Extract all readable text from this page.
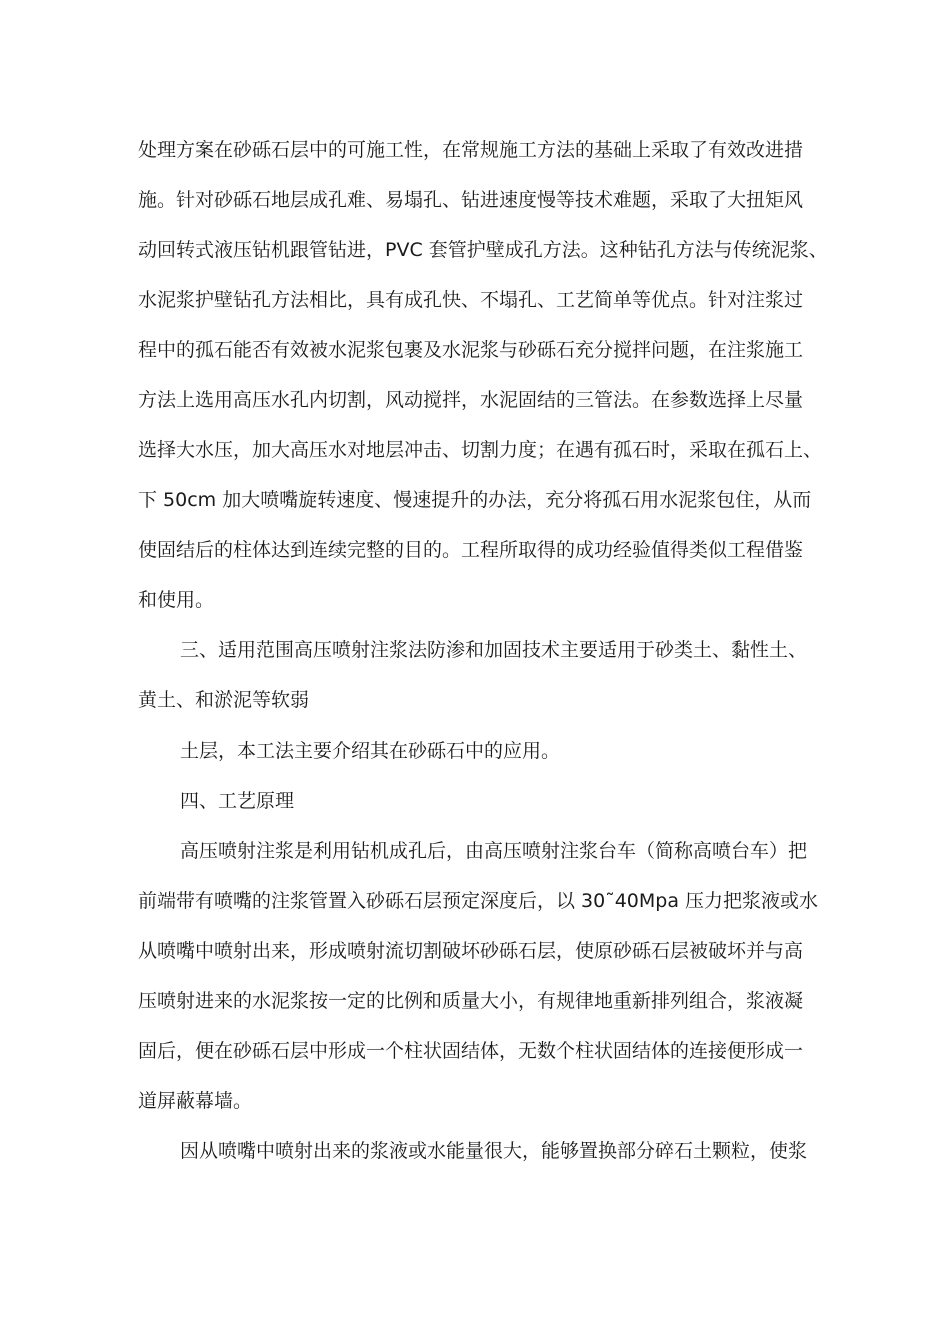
处理方案在砂砾石层中的可施工性，在常规施工方法的基础上采取了有效改进措
施。针对砂砾石地层成孔难、易塌孔、钻进速度慢等技术难题，采取了大扭矩风
动回转式液压钻机跟管钻进，PVC 套管护壁成孔方法。这种钻孔方法与传统泥浆、
水泥浆护壁钻孔方法相比，具有成孔快、不塌孔、工艺简单等优点。针对注浆过
程中的孤石能否有效被水泥浆包裹及水泥浆与砂砾石充分搅拌问题，在注浆施工
方法上选用高压水孔内切割，风动搅拌，水泥固结的三管法。在参数选择上尽量
选择大水压，加大高压水对地层冲击、切割力度；在遇有孤石时，采取在孤石上、
下 50cm 加大喷嘴旋转速度、慢速提升的办法，充分将孤石用水泥浆包住，从而
使固结后的柱体达到连续完整的目的。工程所取得的成功经验值得类似工程借鉴
和使用。
三、适用范围高压喷射注浆法防渗和加固技术主要适用于砂类土、黏性土、
黄土、和淤泥等软弱
土层，本工法主要介绍其在砂砾石中的应用。
四、工艺原理
高压喷射注浆是利用钻机成孔后，由高压喷射注浆台车（简称高喷台车）把
前端带有喷嘴的注浆管置入砂砾石层预定深度后，以 30˜40Mpa 压力把浆液或水
从喷嘴中喷射出来，形成喷射流切割破坏砂砾石层，使原砂砾石层被破坏并与高
压喷射进来的水泥浆按一定的比例和质量大小，有规律地重新排列组合，浆液凝
固后，便在砂砾石层中形成一个柱状固结体，无数个柱状固结体的连接便形成一
道屏蔽幕墙。
因从喷嘴中喷射出来的浆液或水能量很大，能够置换部分碎石土颗粒，使浆
